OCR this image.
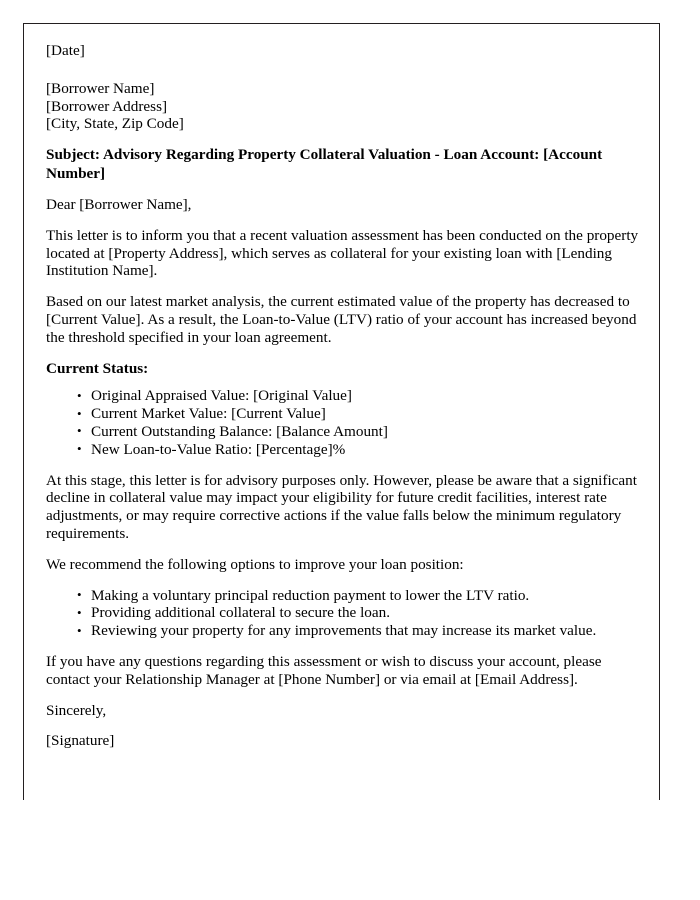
[Date]

[Borrower Name]

[Borrower Address]

[City, State, Zip Code]

Subject: Advisory Regarding Property Collateral Valuation - Loan Account: [Account Number]

Dear [Borrower Name],

This letter is to inform you that a recent valuation assessment has been conducted on the property located at [Property Address], which serves as collateral for your existing loan with [Lending Institution Name].

Based on our latest market analysis, the current estimated value of the property has decreased to [Current Value]. As a result, the Loan-to-Value (LTV) ratio of your account has increased beyond the threshold specified in your loan agreement.

Current Status:
• Original Appraised Value: [Original Value]
• Current Market Value: [Current Value]
• Current Outstanding Balance: [Balance Amount]
• New Loan-to-Value Ratio: [Percentage]%

At this stage, this letter is for advisory purposes only. However, please be aware that a significant decline in collateral value may impact your eligibility for future credit facilities, interest rate adjustments, or may require corrective actions if the value falls below the minimum regulatory requirements.

We recommend the following options to improve your loan position:

• Making a voluntary principal reduction payment to lower the LTV ratio.
• Providing additional collateral to secure the loan.
• Reviewing your property for any improvements that may increase its market value.

If you have any questions regarding this assessment or wish to discuss your account, please contact your Relationship Manager at [Phone Number] or via email at [Email Address].

Sincerely,

[Signature]
